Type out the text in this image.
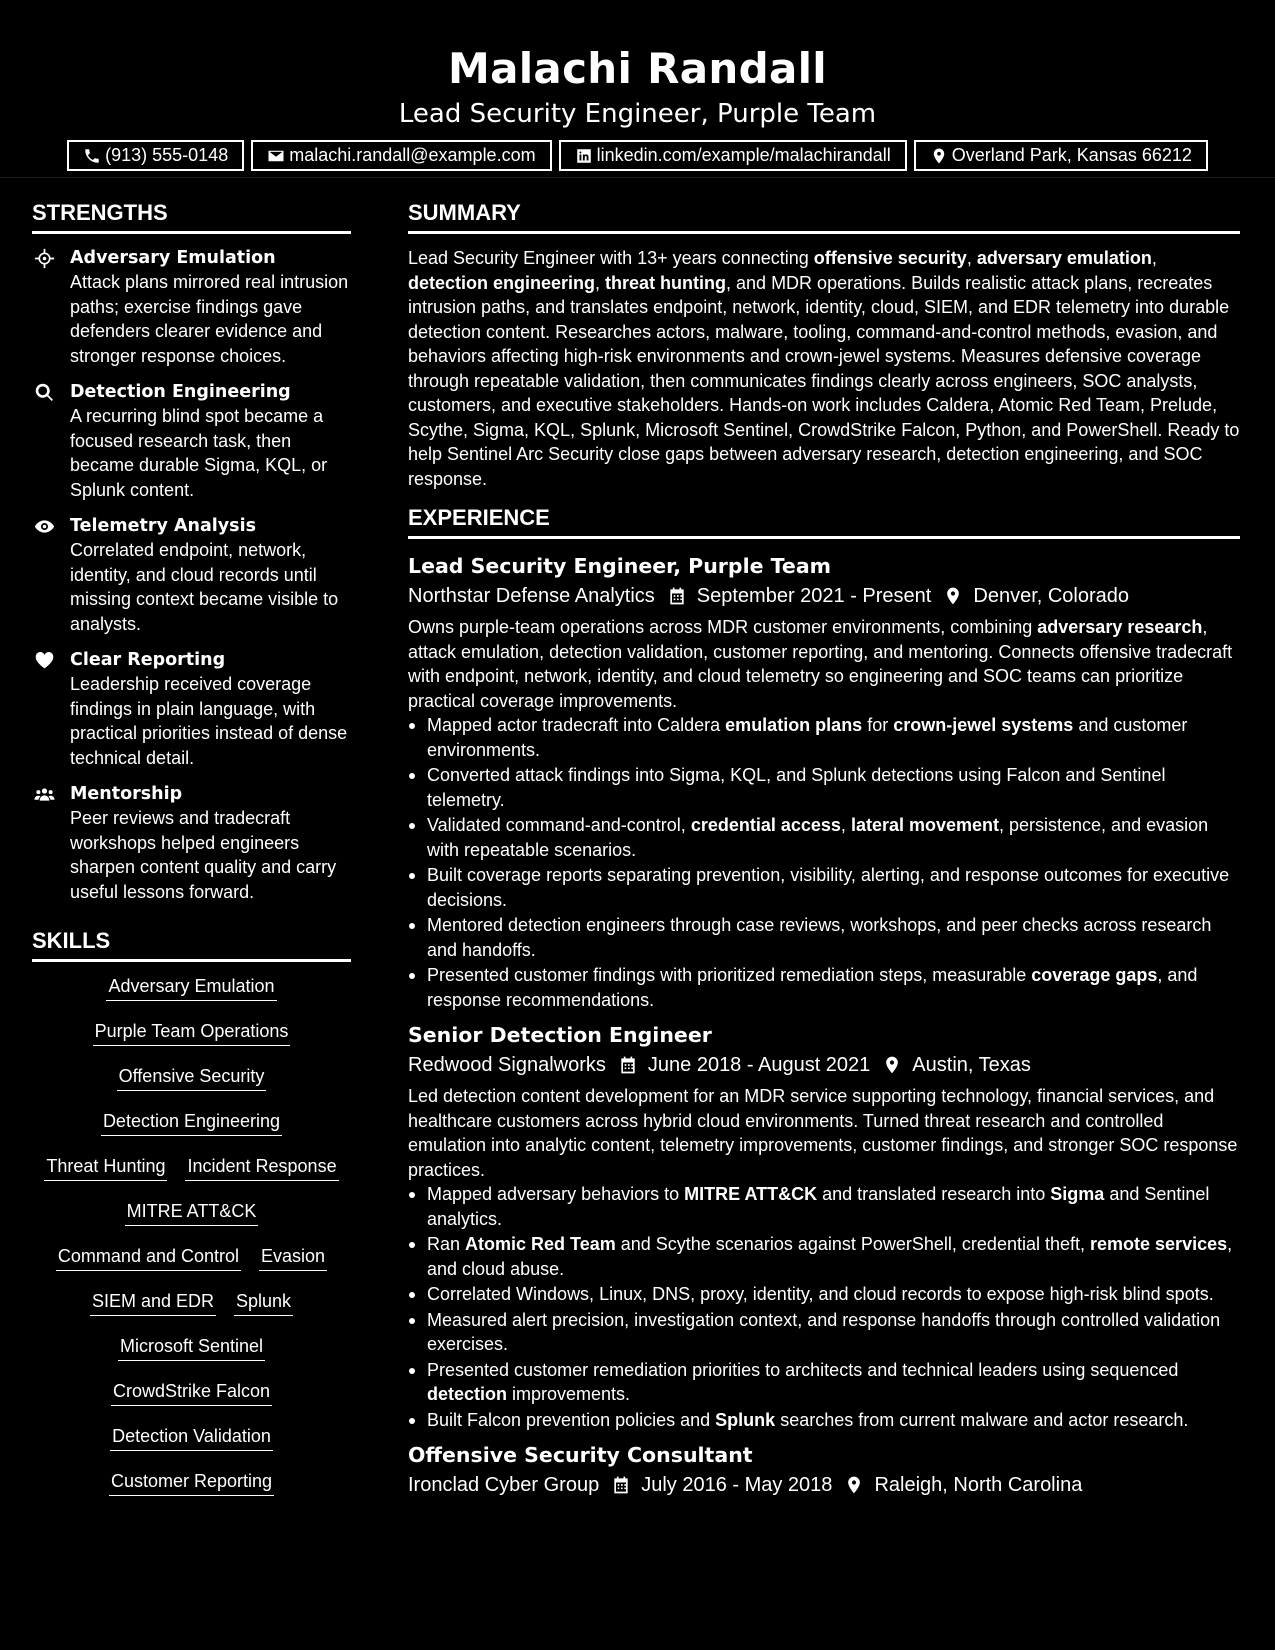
Malachi Randall
Lead Security Engineer, Purple Team
(913) 555-0148	malachi.randall@example.com	linkedin.com/example/malachirandall	Overland Park, Kansas 66212
STRENGTHS
Adversary Emulation
Attack plans mirrored real intrusion paths; exercise findings gave defenders clearer evidence and stronger response choices.
Detection Engineering
A recurring blind spot became a focused research task, then became durable Sigma, KQL, or Splunk content.
Telemetry Analysis
Correlated endpoint, network, identity, and cloud records until missing context became visible to analysts.
Clear Reporting
Leadership received coverage findings in plain language, with practical priorities instead of dense technical detail.
Mentorship
Peer reviews and tradecraft workshops helped engineers sharpen content quality and carry useful lessons forward.
SKILLS
Adversary Emulation
Purple Team Operations
Offensive Security
Detection Engineering
Threat Hunting Incident Response
MITRE ATT&CK
Command and Control Evasion
SIEM and EDR Splunk
Microsoft Sentinel
CrowdStrike Falcon
Detection Validation
Customer Reporting
SUMMARY
Lead Security Engineer with 13+ years connecting offensive security, adversary emulation, detection engineering, threat hunting, and MDR operations. Builds realistic attack plans, recreates intrusion paths, and translates endpoint, network, identity, cloud, SIEM, and EDR telemetry into durable detection content. Researches actors, malware, tooling, command-and-control methods, evasion, and behaviors affecting high-risk environments and crown-jewel systems. Measures defensive coverage through repeatable validation, then communicates findings clearly across engineers, SOC analysts, customers, and executive stakeholders. Hands-on work includes Caldera, Atomic Red Team, Prelude, Scythe, Sigma, KQL, Splunk, Microsoft Sentinel, CrowdStrike Falcon, Python, and PowerShell. Ready to help Sentinel Arc Security close gaps between adversary research, detection engineering, and SOC response.
EXPERIENCE
Lead Security Engineer, Purple Team
Northstar Defense Analytics September 2021 - Present Denver, Colorado
Owns purple-team operations across MDR customer environments, combining adversary research, attack emulation, detection validation, customer reporting, and mentoring. Connects offensive tradecraft with endpoint, network, identity, and cloud telemetry so engineering and SOC teams can prioritize practical coverage improvements.
Mapped actor tradecraft into Caldera emulation plans for crown-jewel systems and customer environments.
Converted attack findings into Sigma, KQL, and Splunk detections using Falcon and Sentinel telemetry.
Validated command-and-control, credential access, lateral movement, persistence, and evasion with repeatable scenarios.
Built coverage reports separating prevention, visibility, alerting, and response outcomes for executive decisions.
Mentored detection engineers through case reviews, workshops, and peer checks across research and handoffs.
Presented customer findings with prioritized remediation steps, measurable coverage gaps, and response recommendations.
Senior Detection Engineer
Redwood Signalworks June 2018 - August 2021 Austin, Texas
Led detection content development for an MDR service supporting technology, financial services, and healthcare customers across hybrid cloud environments. Turned threat research and controlled emulation into analytic content, telemetry improvements, customer findings, and stronger SOC response practices.
Mapped adversary behaviors to MITRE ATT&CK and translated research into Sigma and Sentinel analytics.
Ran Atomic Red Team and Scythe scenarios against PowerShell, credential theft, remote services, and cloud abuse.
Correlated Windows, Linux, DNS, proxy, identity, and cloud records to expose high-risk blind spots.
Measured alert precision, investigation context, and response handoffs through controlled validation exercises.
Presented customer remediation priorities to architects and technical leaders using sequenced detection improvements.
Built Falcon prevention policies and Splunk searches from current malware and actor research.
Offensive Security Consultant
Ironclad Cyber Group July 2016 - May 2018 Raleigh, North Carolina
